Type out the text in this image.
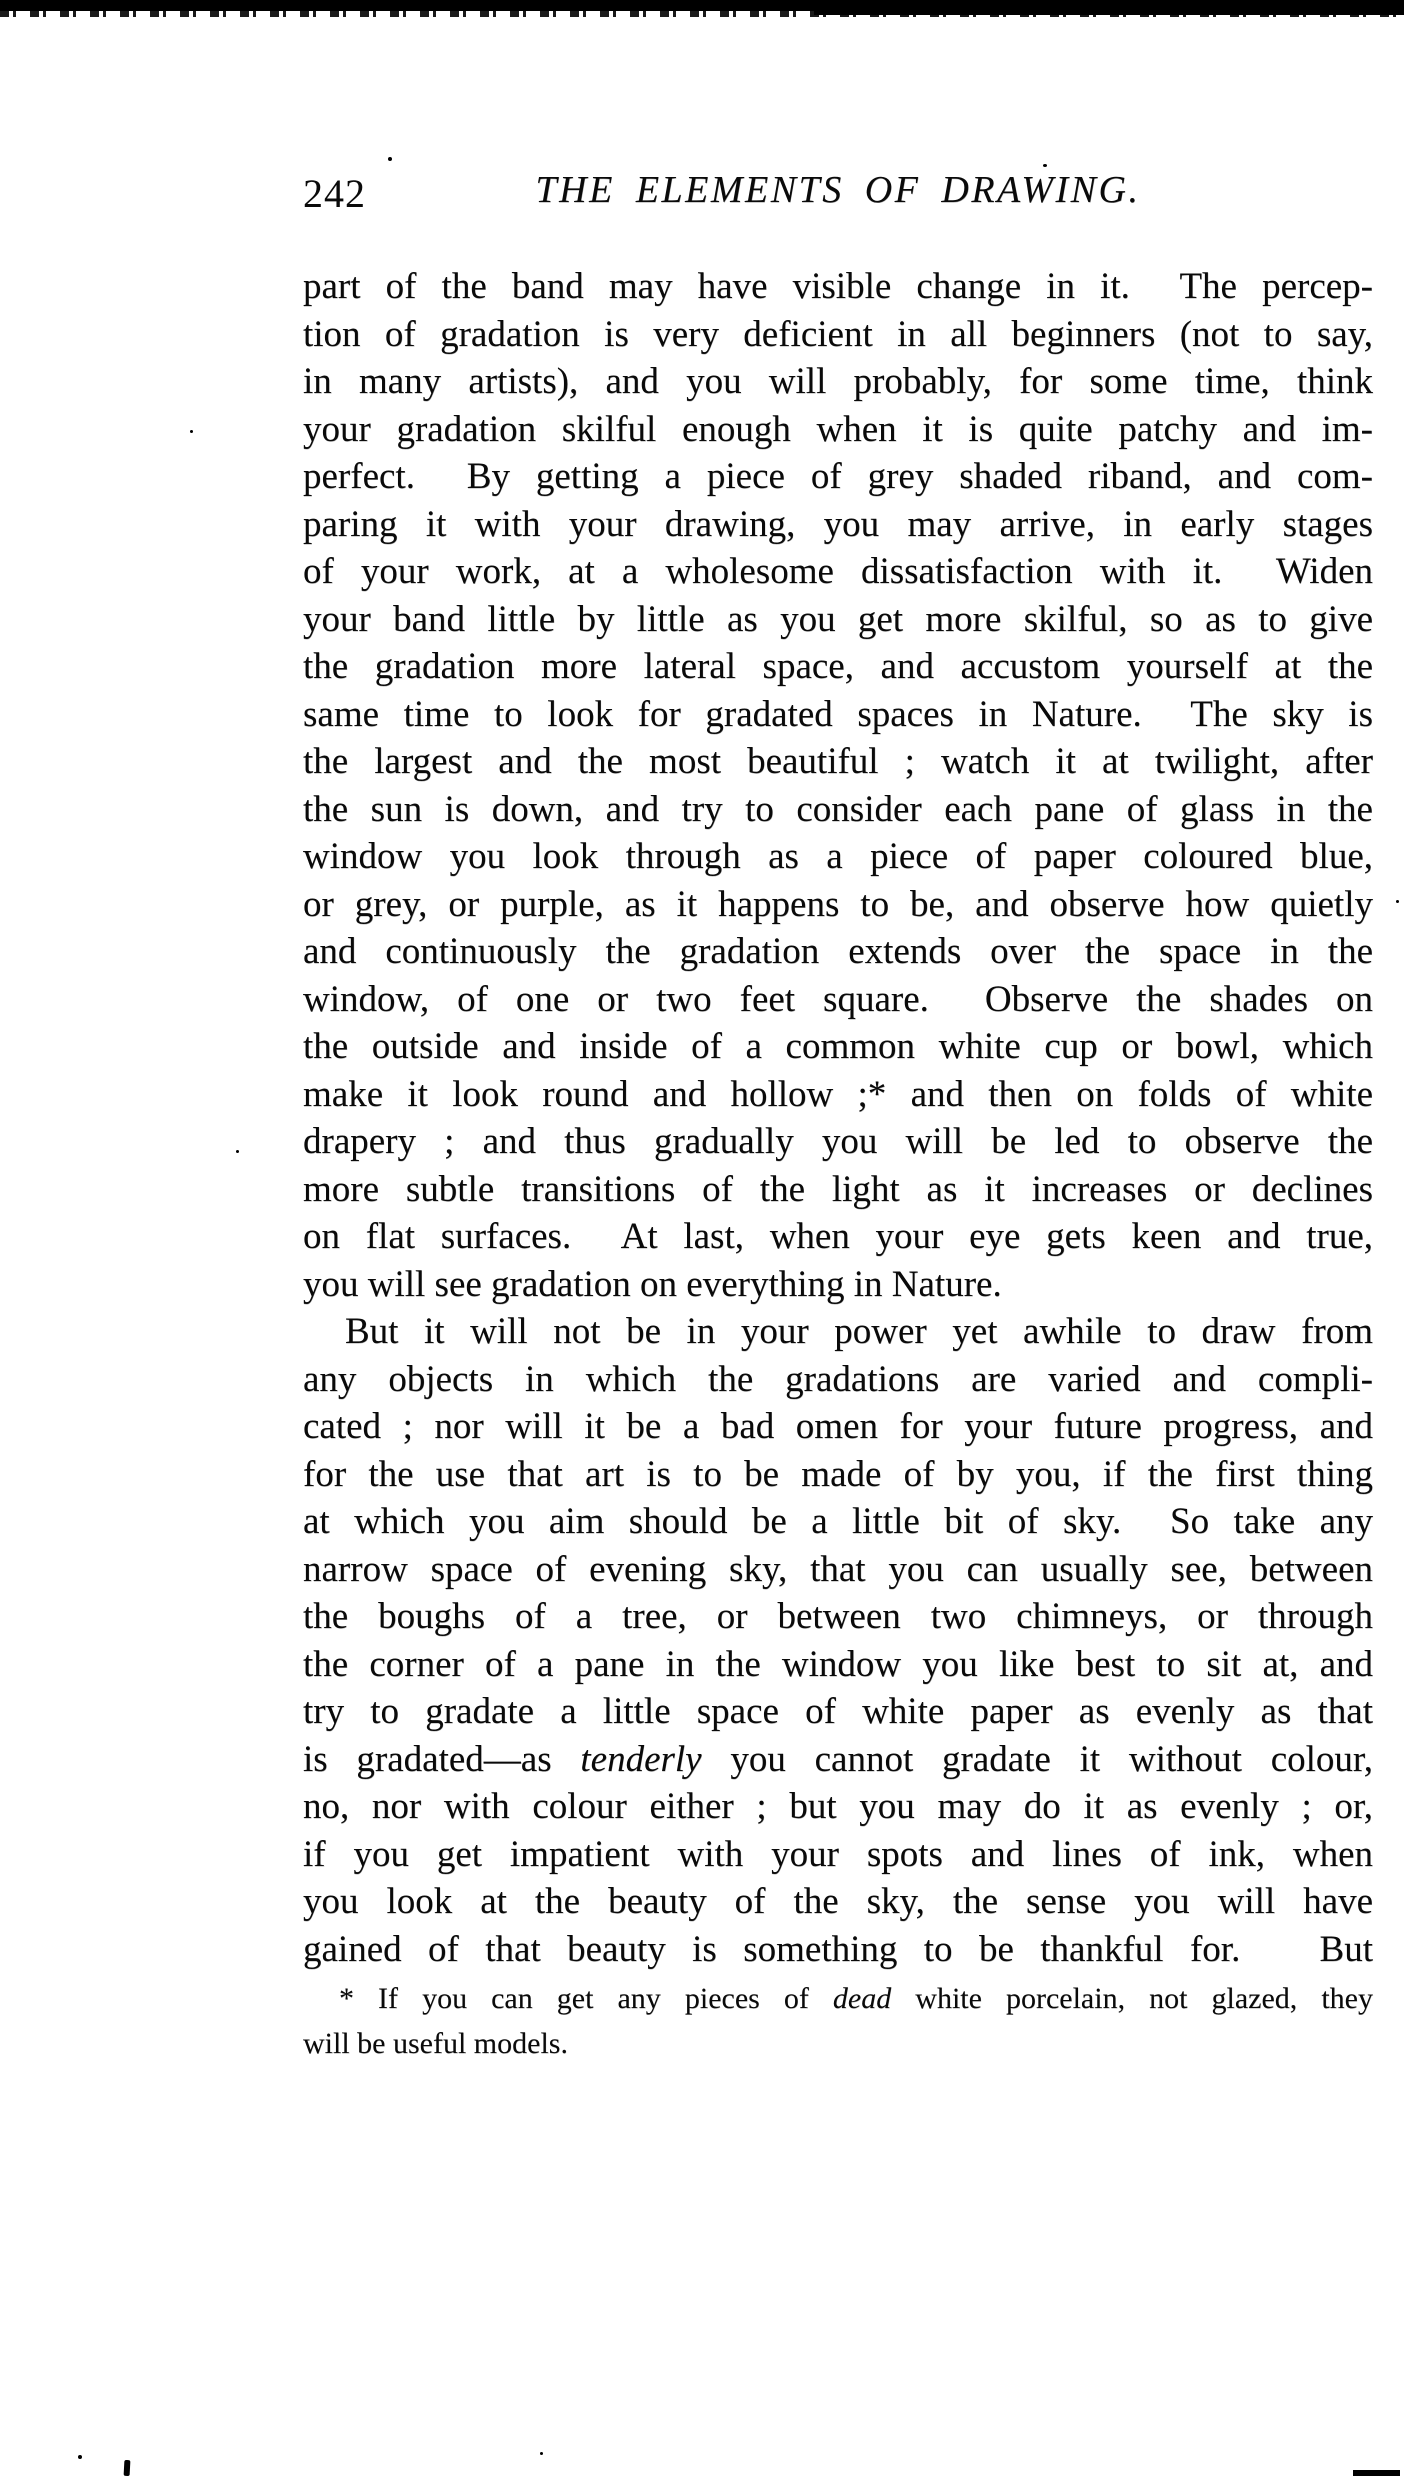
242	THE ELEMENTS OF DRAWING.
part of the band may have visible change in it.  The percep-
tion of gradation is very deficient in all beginners (not to say,
in many artists), and you will probably, for some time, think
your gradation skilful enough when it is quite patchy and im-
perfect.  By getting a piece of grey shaded riband, and com-
paring it with your drawing, you may arrive, in early stages
of your work, at a wholesome dissatisfaction with it.  Widen
your band little by little as you get more skilful, so as to give
the gradation more lateral space, and accustom yourself at the
same time to look for gradated spaces in Nature.  The sky is
the largest and the most beautiful ; watch it at twilight, after
the sun is down, and try to consider each pane of glass in the
window you look through as a piece of paper coloured blue,
or grey, or purple, as it happens to be, and observe how quietly
and continuously the gradation extends over the space in the
window, of one or two feet square.  Observe the shades on
the outside and inside of a common white cup or bowl, which
make it look round and hollow ;* and then on folds of white
drapery ; and thus gradually you will be led to observe the
more subtle transitions of the light as it increases or declines
on flat surfaces.  At last, when your eye gets keen and true,
you will see gradation on everything in Nature.
But it will not be in your power yet awhile to draw from
any objects in which the gradations are varied and compli-
cated ; nor will it be a bad omen for your future progress, and
for the use that art is to be made of by you, if the first thing
at which you aim should be a little bit of sky.  So take any
narrow space of evening sky, that you can usually see, between
the boughs of a tree, or between two chimneys, or through
the corner of a pane in the window you like best to sit at, and
try to gradate a little space of white paper as evenly as that
is gradated—as tenderly you cannot gradate it without colour,
no, nor with colour either ; but you may do it as evenly ; or,
if you get impatient with your spots and lines of ink, when
you look at the beauty of the sky, the sense you will have
gained of that beauty is something to be thankful for.   But
* If you can get any pieces of dead white porcelain, not glazed, they
will be useful models.
